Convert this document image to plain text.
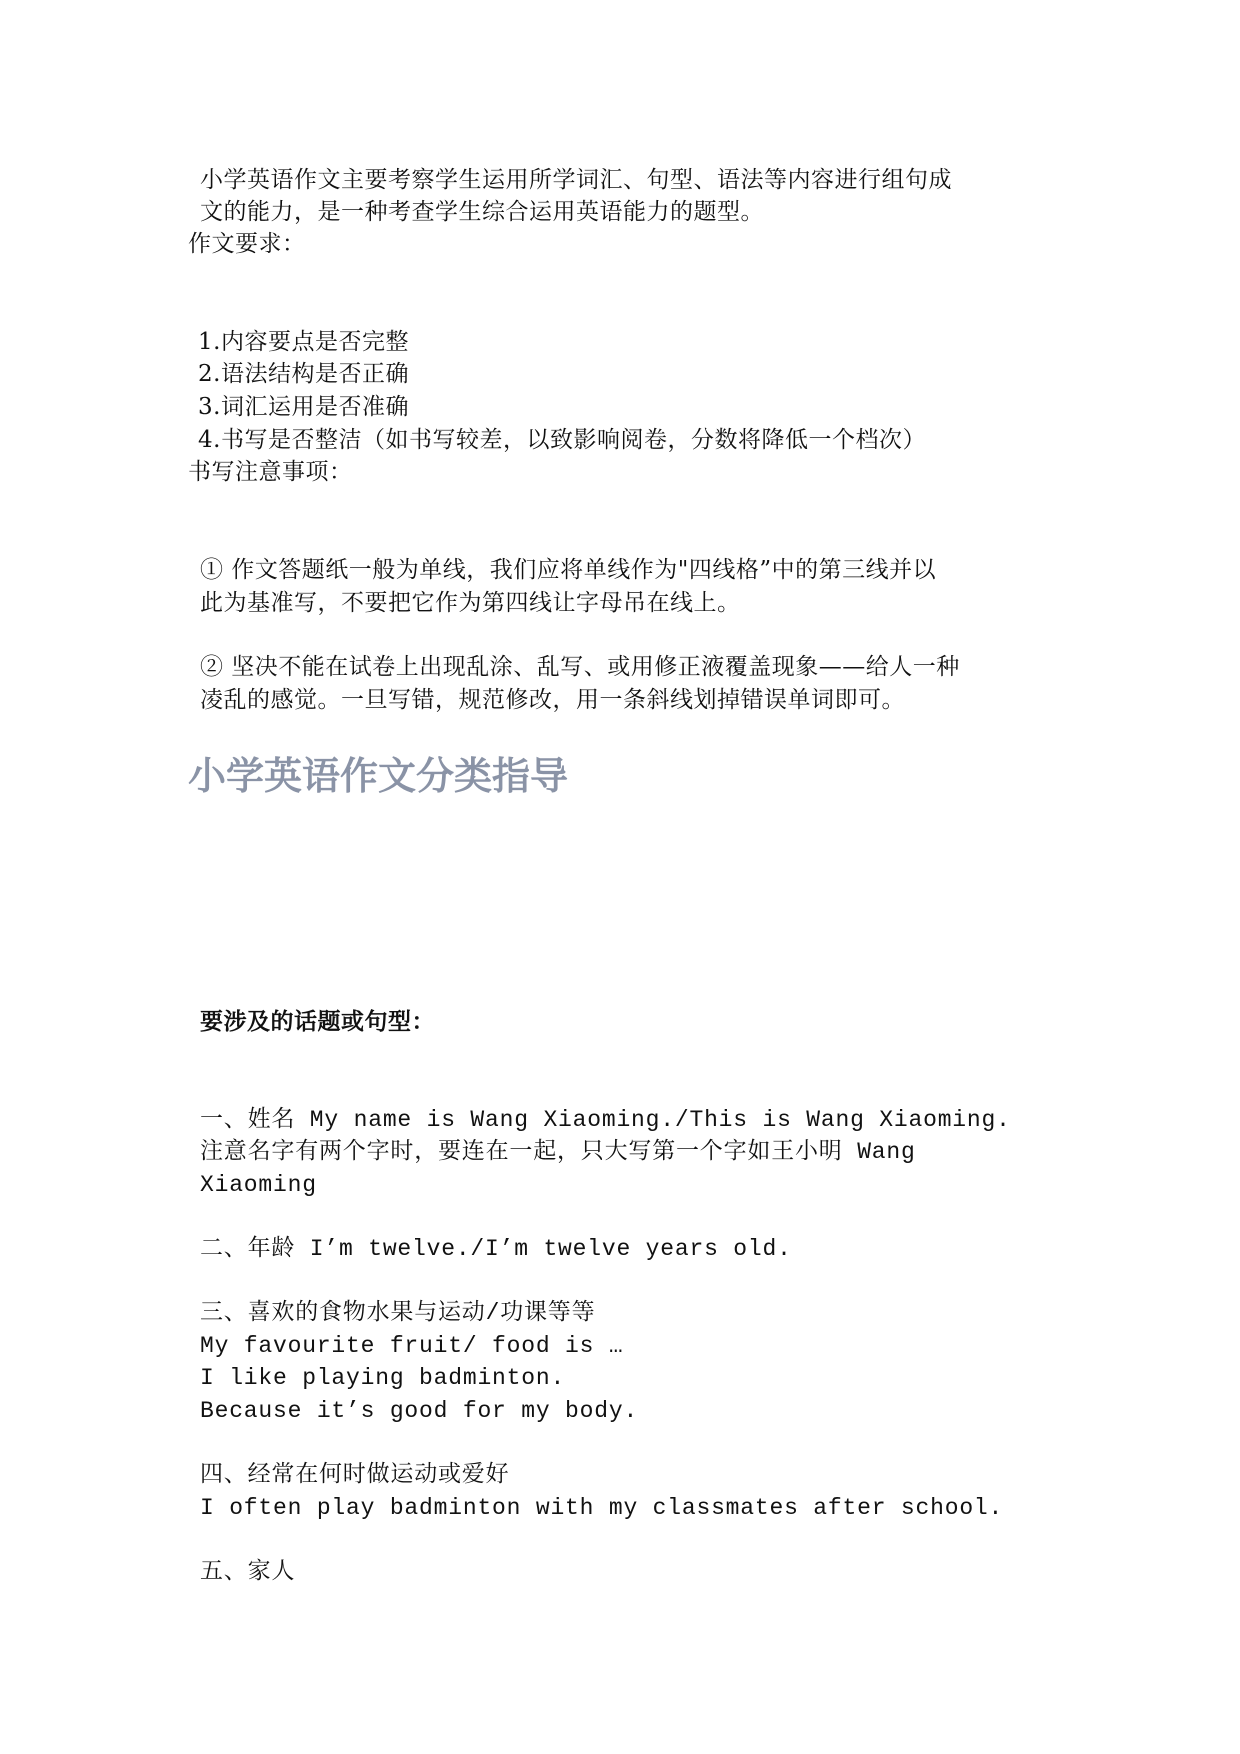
小学英语作文主要考察学生运用所学词汇、句型、语法等内容进行组句成
文的能力，是一种考查学生综合运用英语能力的题型。
作文要求：
1.内容要点是否完整
2.语法结构是否正确
3.词汇运用是否准确
4.书写是否整洁（如书写较差，以致影响阅卷，分数将降低一个档次）
书写注意事项：
① 作文答题纸一般为单线，我们应将单线作为"四线格”中的第三线并以
此为基准写，不要把它作为第四线让字母吊在线上。
② 坚决不能在试卷上出现乱涂、乱写、或用修正液覆盖现象——给人一种
凌乱的感觉。一旦写错，规范修改，用一条斜线划掉错误单词即可。
小学英语作文分类指导
要涉及的话题或句型：
一、姓名 My name is Wang Xiaoming./This is Wang Xiaoming.
注意名字有两个字时，要连在一起，只大写第一个字如王小明 Wang
Xiaoming
二、年龄 I’m twelve./I’m twelve years old.
三、喜欢的食物水果与运动/功课等等
My favourite fruit/ food is …
I like playing badminton.
Because it’s good for my body.
四、经常在何时做运动或爱好
I often play badminton with my classmates after school.
五、家人
